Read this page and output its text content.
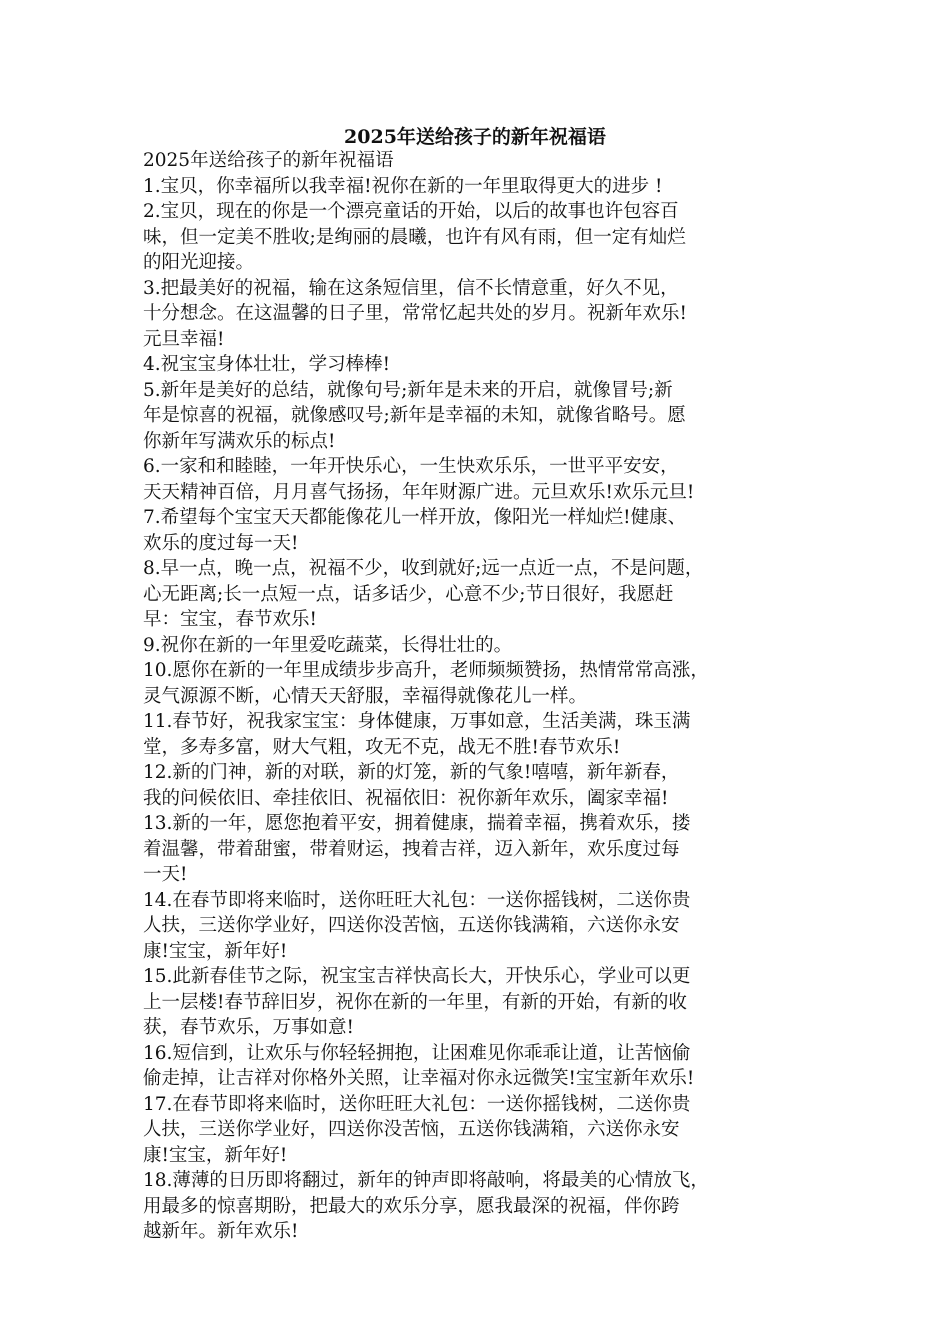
2025年送给孩子的新年祝福语
2025年送给孩子的新年祝福语
1.宝贝，你幸福所以我幸福!祝你在新的一年里取得更大的进步 !
2.宝贝，现在的你是一个漂亮童话的开始，以后的故事也许包容百
味，但一定美不胜收;是绚丽的晨曦，也许有风有雨，但一定有灿烂
的阳光迎接。
3.把最美好的祝福，输在这条短信里，信不长情意重，好久不见，
十分想念。在这温馨的日子里，常常忆起共处的岁月。祝新年欢乐!
元旦幸福!
4.祝宝宝身体壮壮，学习棒棒!
5.新年是美好的总结，就像句号;新年是未来的开启，就像冒号;新
年是惊喜的祝福，就像感叹号;新年是幸福的未知，就像省略号。愿
你新年写满欢乐的标点!
6.一家和和睦睦，一年开快乐心，一生快欢乐乐，一世平平安安，
天天精神百倍，月月喜气扬扬，年年财源广进。元旦欢乐!欢乐元旦!
7.希望每个宝宝天天都能像花儿一样开放，像阳光一样灿烂!健康、
欢乐的度过每一天!
8.早一点，晚一点，祝福不少，收到就好;远一点近一点，不是问题，
心无距离;长一点短一点，话多话少，心意不少;节日很好，我愿赶
早：宝宝，春节欢乐!
9.祝你在新的一年里爱吃蔬菜，长得壮壮的。
10.愿你在新的一年里成绩步步高升，老师频频赞扬，热情常常高涨，
灵气源源不断，心情天天舒服，幸福得就像花儿一样。
11.春节好，祝我家宝宝：身体健康，万事如意，生活美满，珠玉满
堂，多寿多富，财大气粗，攻无不克，战无不胜!春节欢乐!
12.新的门神，新的对联，新的灯笼，新的气象!嘻嘻，新年新春，
我的问候依旧、牵挂依旧、祝福依旧：祝你新年欢乐，阖家幸福!
13.新的一年，愿您抱着平安，拥着健康，揣着幸福，携着欢乐，搂
着温馨，带着甜蜜，带着财运，拽着吉祥，迈入新年，欢乐度过每
一天!
14.在春节即将来临时，送你旺旺大礼包：一送你摇钱树，二送你贵
人扶，三送你学业好，四送你没苦恼，五送你钱满箱，六送你永安
康!宝宝，新年好!
15.此新春佳节之际，祝宝宝吉祥快高长大，开快乐心，学业可以更
上一层楼!春节辞旧岁，祝你在新的一年里，有新的开始，有新的收
获，春节欢乐，万事如意!
16.短信到，让欢乐与你轻轻拥抱，让困难见你乖乖让道，让苦恼偷
偷走掉，让吉祥对你格外关照，让幸福对你永远微笑!宝宝新年欢乐!
17.在春节即将来临时，送你旺旺大礼包：一送你摇钱树，二送你贵
人扶，三送你学业好，四送你没苦恼，五送你钱满箱，六送你永安
康!宝宝，新年好!
18.薄薄的日历即将翻过，新年的钟声即将敲响，将最美的心情放飞，
用最多的惊喜期盼，把最大的欢乐分享，愿我最深的祝福，伴你跨
越新年。新年欢乐!
